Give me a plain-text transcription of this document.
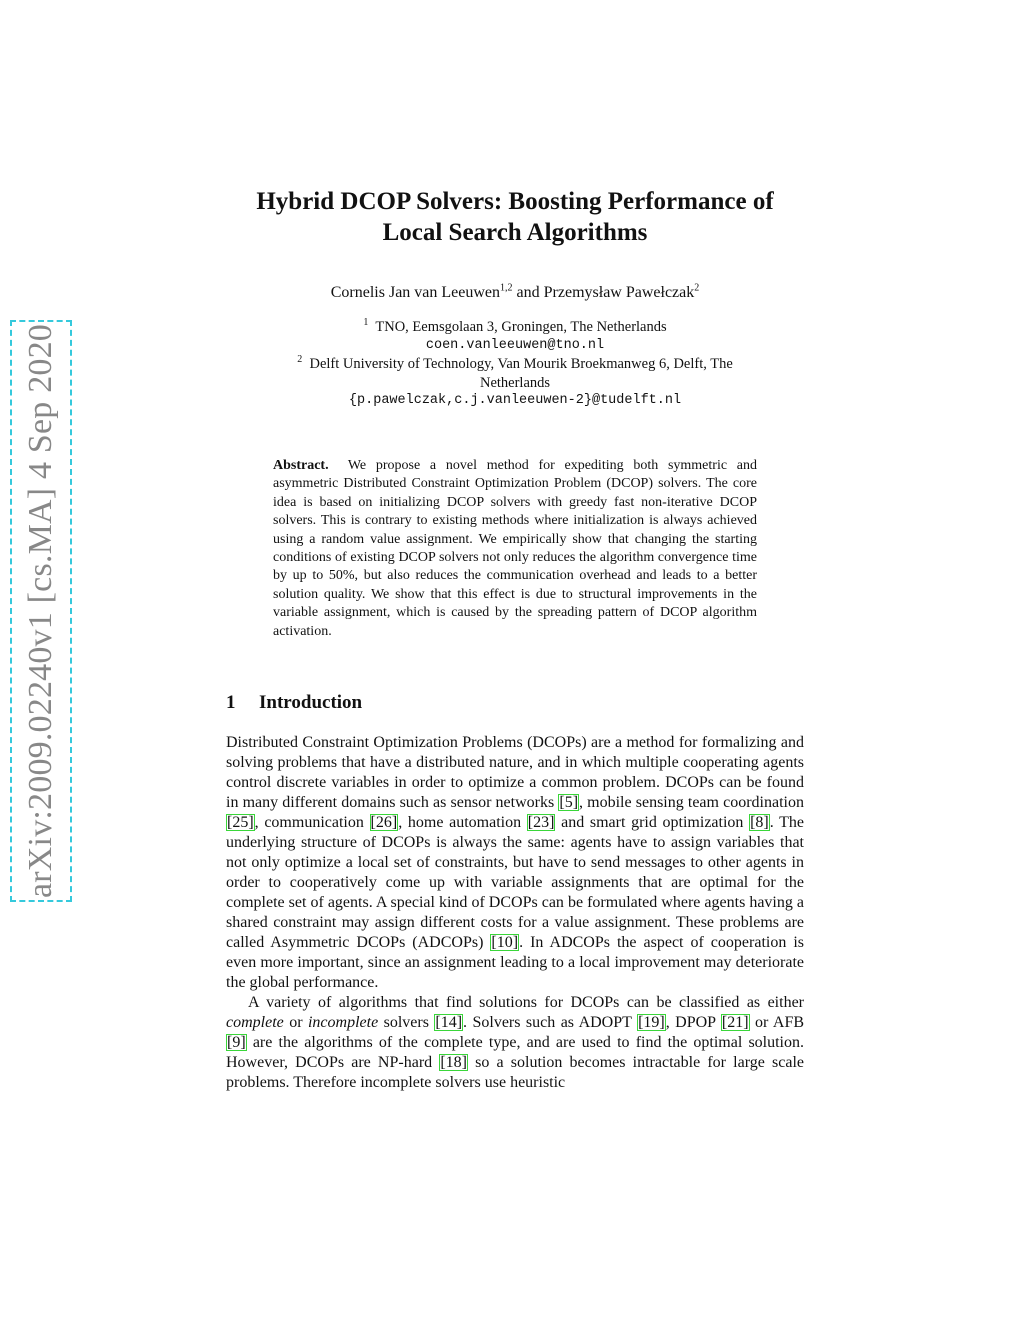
arXiv:2009.02240v1 [cs.MA] 4 Sep 2020
Hybrid DCOP Solvers: Boosting Performance of
Local Search Algorithms
Cornelis Jan van Leeuwen$^{1,2}$ and Przemysław Pawełczak$^2$
$^1$ TNO, Eemsgolaan 3, Groningen, The Netherlands
coen.vanleeuwen@tno.nl
$^2$ Delft University of Technology, Van Mourik Broekmanweg 6, Delft, The
Netherlands
{p.pawelczak,c.j.vanleeuwen-2}@tudelft.nl
Abstract. We propose a novel method for expediting both symmetric and asymmetric Distributed Constraint Optimization Problem (DCOP) solvers. The core idea is based on initializing DCOP solvers with greedy fast non-iterative DCOP solvers. This is contrary to existing methods where initialization is always achieved using a random value assignment. We empirically show that changing the starting conditions of existing DCOP solvers not only reduces the algorithm convergence time by up to 50%, but also reduces the communication overhead and leads to a better solution quality. We show that this effect is due to structural improvements in the variable assignment, which is caused by the spreading pattern of DCOP algorithm activation.
1 Introduction

Distributed Constraint Optimization Problems (DCOPs) are a method for formalizing and solving problems that have a distributed nature, and in which multiple cooperating agents control discrete variables in order to optimize a common problem. DCOPs can be found in many different domains such as sensor networks [5], mobile sensing team coordination [25], communication [26], home automation [23] and smart grid optimization [8]. The underlying structure of DCOPs is always the same: agents have to assign variables that not only optimize a local set of constraints, but have to send messages to other agents in order to cooperatively come up with variable assignments that are optimal for the complete set of agents. A special kind of DCOPs can be formulated where agents having a shared constraint may assign different costs for a value assignment. These problems are called Asymmetric DCOPs (ADCOPs) [10]. In ADCOPs the aspect of cooperation is even more important, since an assignment leading to a local improvement may deteriorate the global performance.

A variety of algorithms that find solutions for DCOPs can be classified as either complete or incomplete solvers [14]. Solvers such as ADOPT [19], DPOP [21] or AFB [9] are the algorithms of the complete type, and are used to find the optimal solution. However, DCOPs are NP-hard [18] so a solution becomes intractable for large scale problems. Therefore incomplete solvers use heuristic
